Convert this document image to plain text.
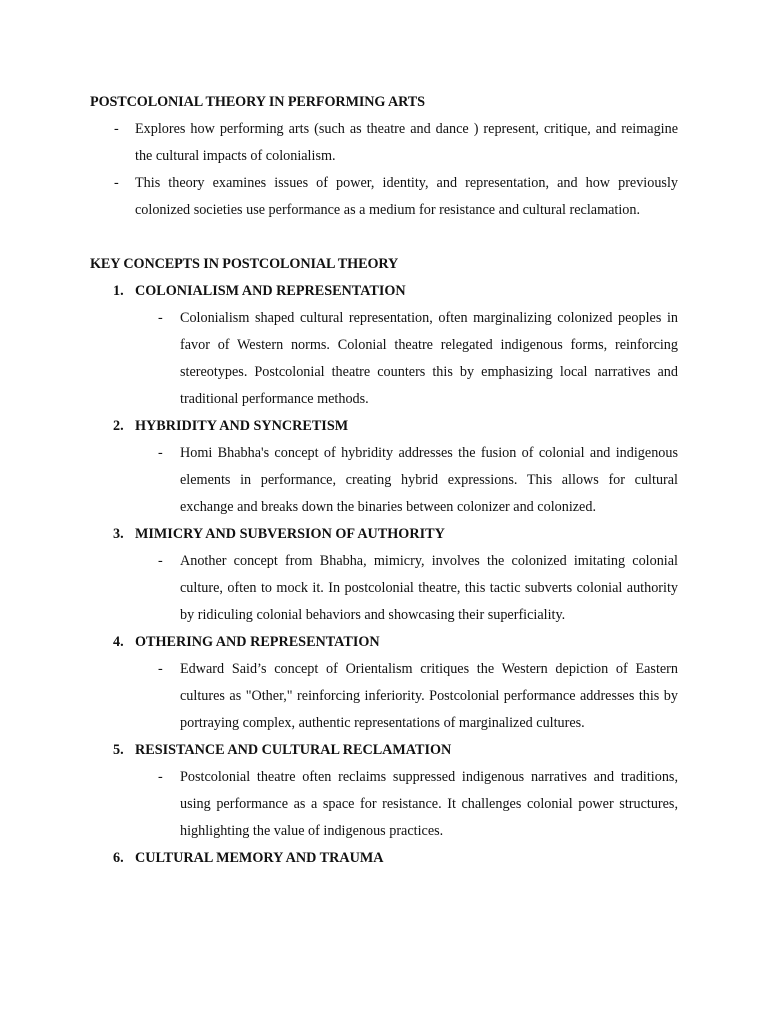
POSTCOLONIAL THEORY IN PERFORMING ARTS
-	Explores how performing arts (such as theatre and dance ) represent, critique, and reimagine the cultural impacts of colonialism.
-	This theory examines issues of power, identity, and representation, and how previously colonized societies use performance as a medium for resistance and cultural reclamation.
KEY CONCEPTS IN POSTCOLONIAL THEORY
1. COLONIALISM AND REPRESENTATION
-	Colonialism shaped cultural representation, often marginalizing colonized peoples in favor of Western norms. Colonial theatre relegated indigenous forms, reinforcing stereotypes. Postcolonial theatre counters this by emphasizing local narratives and traditional performance methods.
2. HYBRIDITY AND SYNCRETISM
-	Homi Bhabha's concept of hybridity addresses the fusion of colonial and indigenous elements in performance, creating hybrid expressions. This allows for cultural exchange and breaks down the binaries between colonizer and colonized.
3. MIMICRY AND SUBVERSION OF AUTHORITY
-	Another concept from Bhabha, mimicry, involves the colonized imitating colonial culture, often to mock it. In postcolonial theatre, this tactic subverts colonial authority by ridiculing colonial behaviors and showcasing their superficiality.
4. OTHERING AND REPRESENTATION
-	Edward Said’s concept of Orientalism critiques the Western depiction of Eastern cultures as "Other," reinforcing inferiority. Postcolonial performance addresses this by portraying complex, authentic representations of marginalized cultures.
5. RESISTANCE AND CULTURAL RECLAMATION
-	Postcolonial theatre often reclaims suppressed indigenous narratives and traditions, using performance as a space for resistance. It challenges colonial power structures, highlighting the value of indigenous practices.
6. CULTURAL MEMORY AND TRAUMA
